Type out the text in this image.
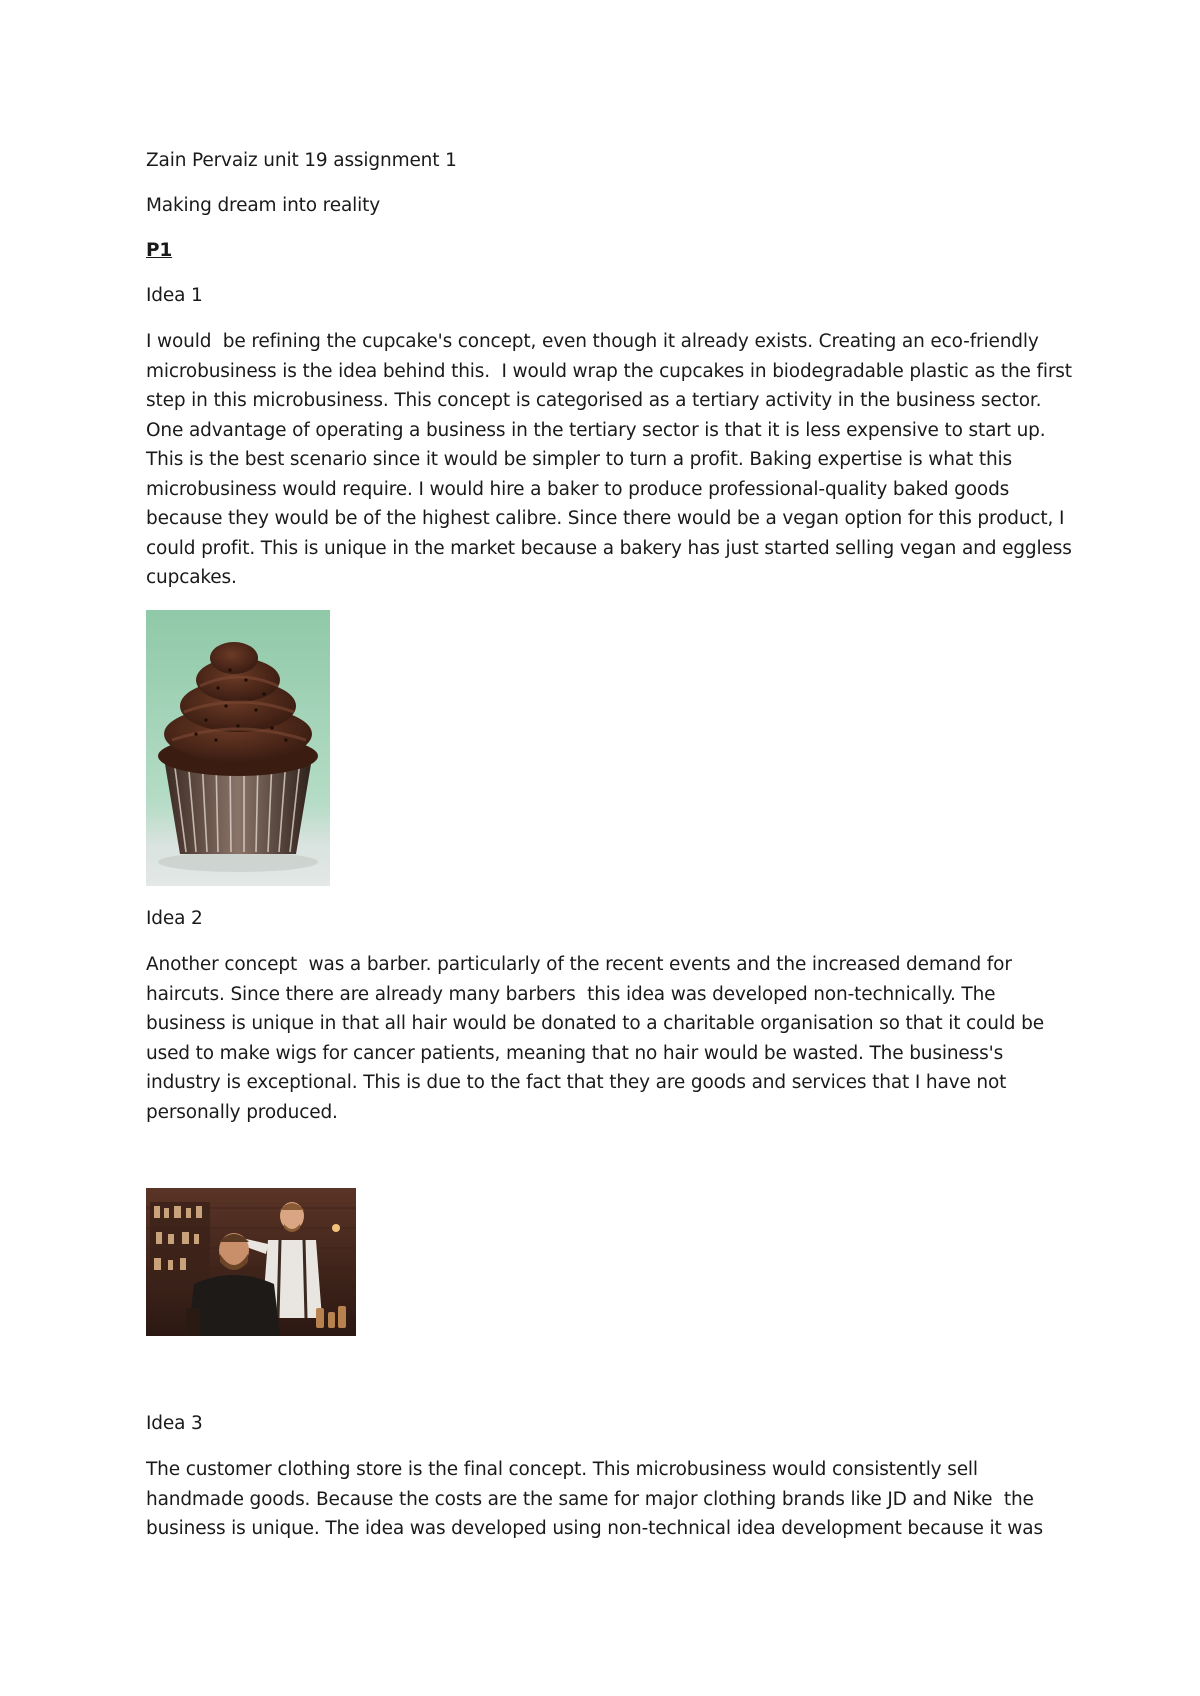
Zain Pervaiz unit 19 assignment 1
Making dream into reality
P1
Idea 1
I would  be refining the cupcake's concept, even though it already exists. Creating an eco-friendly
microbusiness is the idea behind this.  I would wrap the cupcakes in biodegradable plastic as the first
step in this microbusiness. This concept is categorised as a tertiary activity in the business sector.
One advantage of operating a business in the tertiary sector is that it is less expensive to start up.
This is the best scenario since it would be simpler to turn a profit. Baking expertise is what this
microbusiness would require. I would hire a baker to produce professional-quality baked goods
because they would be of the highest calibre. Since there would be a vegan option for this product, I
could profit. This is unique in the market because a bakery has just started selling vegan and eggless
cupcakes.
Idea 2
Another concept  was a barber. particularly of the recent events and the increased demand for
haircuts. Since there are already many barbers  this idea was developed non-technically. The
business is unique in that all hair would be donated to a charitable organisation so that it could be
used to make wigs for cancer patients, meaning that no hair would be wasted. The business's
industry is exceptional. This is due to the fact that they are goods and services that I have not
personally produced.
Idea 3
The customer clothing store is the final concept. This microbusiness would consistently sell
handmade goods. Because the costs are the same for major clothing brands like JD and Nike  the
business is unique. The idea was developed using non-technical idea development because it was
